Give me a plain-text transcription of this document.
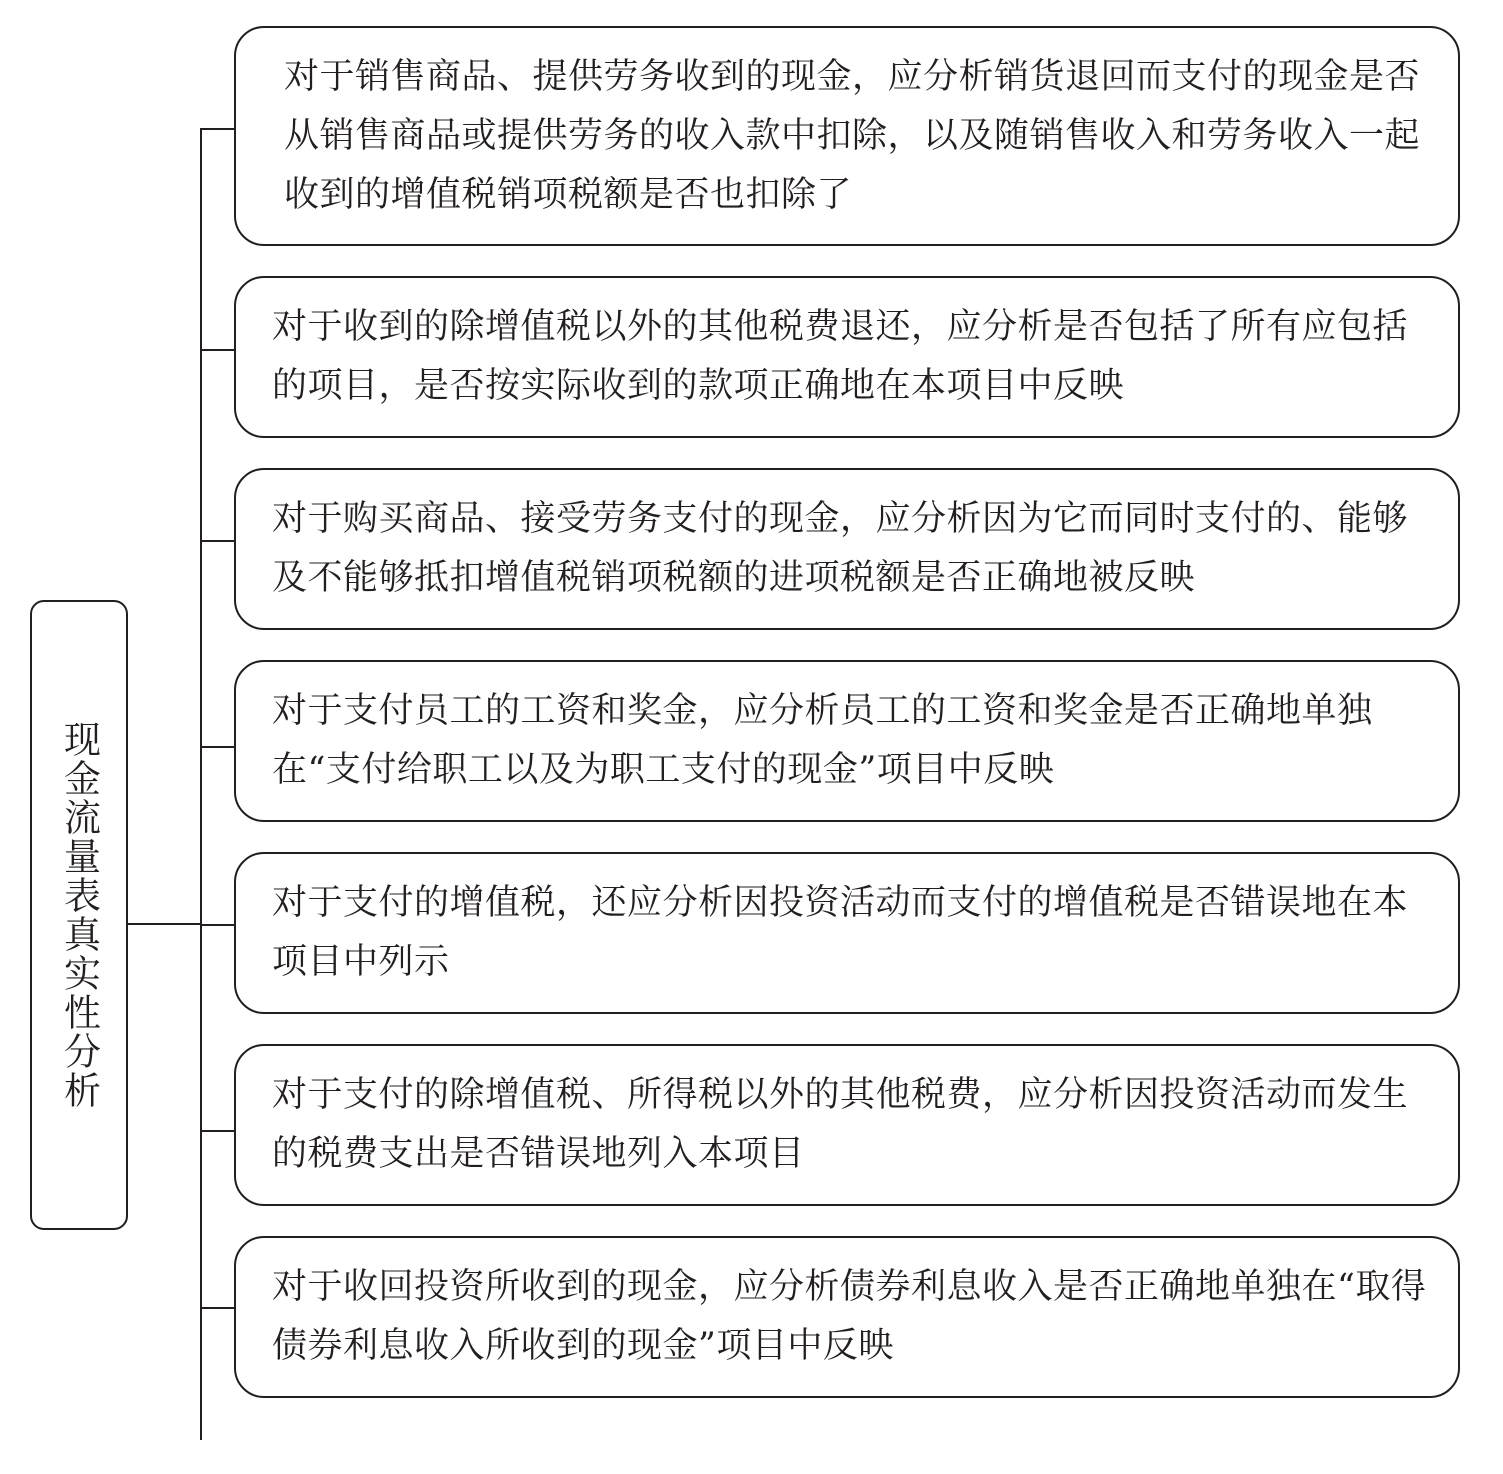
现金流量表真实性分析

对于销售商品、提供劳务收到的现金，应分析销货退回而支付的现金是否从销售商品或提供劳务的收入款中扣除，以及随销售收入和劳务收入一起收到的增值税销项税额是否也扣除了

对于收到的除增值税以外的其他税费退还，应分析是否包括了所有应包括的项目，是否按实际收到的款项正确地在本项目中反映

对于购买商品、接受劳务支付的现金，应分析因为它而同时支付的、能够及不能够抵扣增值税销项税额的进项税额是否正确地被反映

对于支付员工的工资和奖金，应分析员工的工资和奖金是否正确地单独在“支付给职工以及为职工支付的现金”项目中反映

对于支付的增值税，还应分析因投资活动而支付的增值税是否错误地在本项目中列示

对于支付的除增值税、所得税以外的其他税费，应分析因投资活动而发生的税费支出是否错误地列入本项目

对于收回投资所收到的现金，应分析债券利息收入是否正确地单独在“取得债券利息收入所收到的现金”项目中反映
